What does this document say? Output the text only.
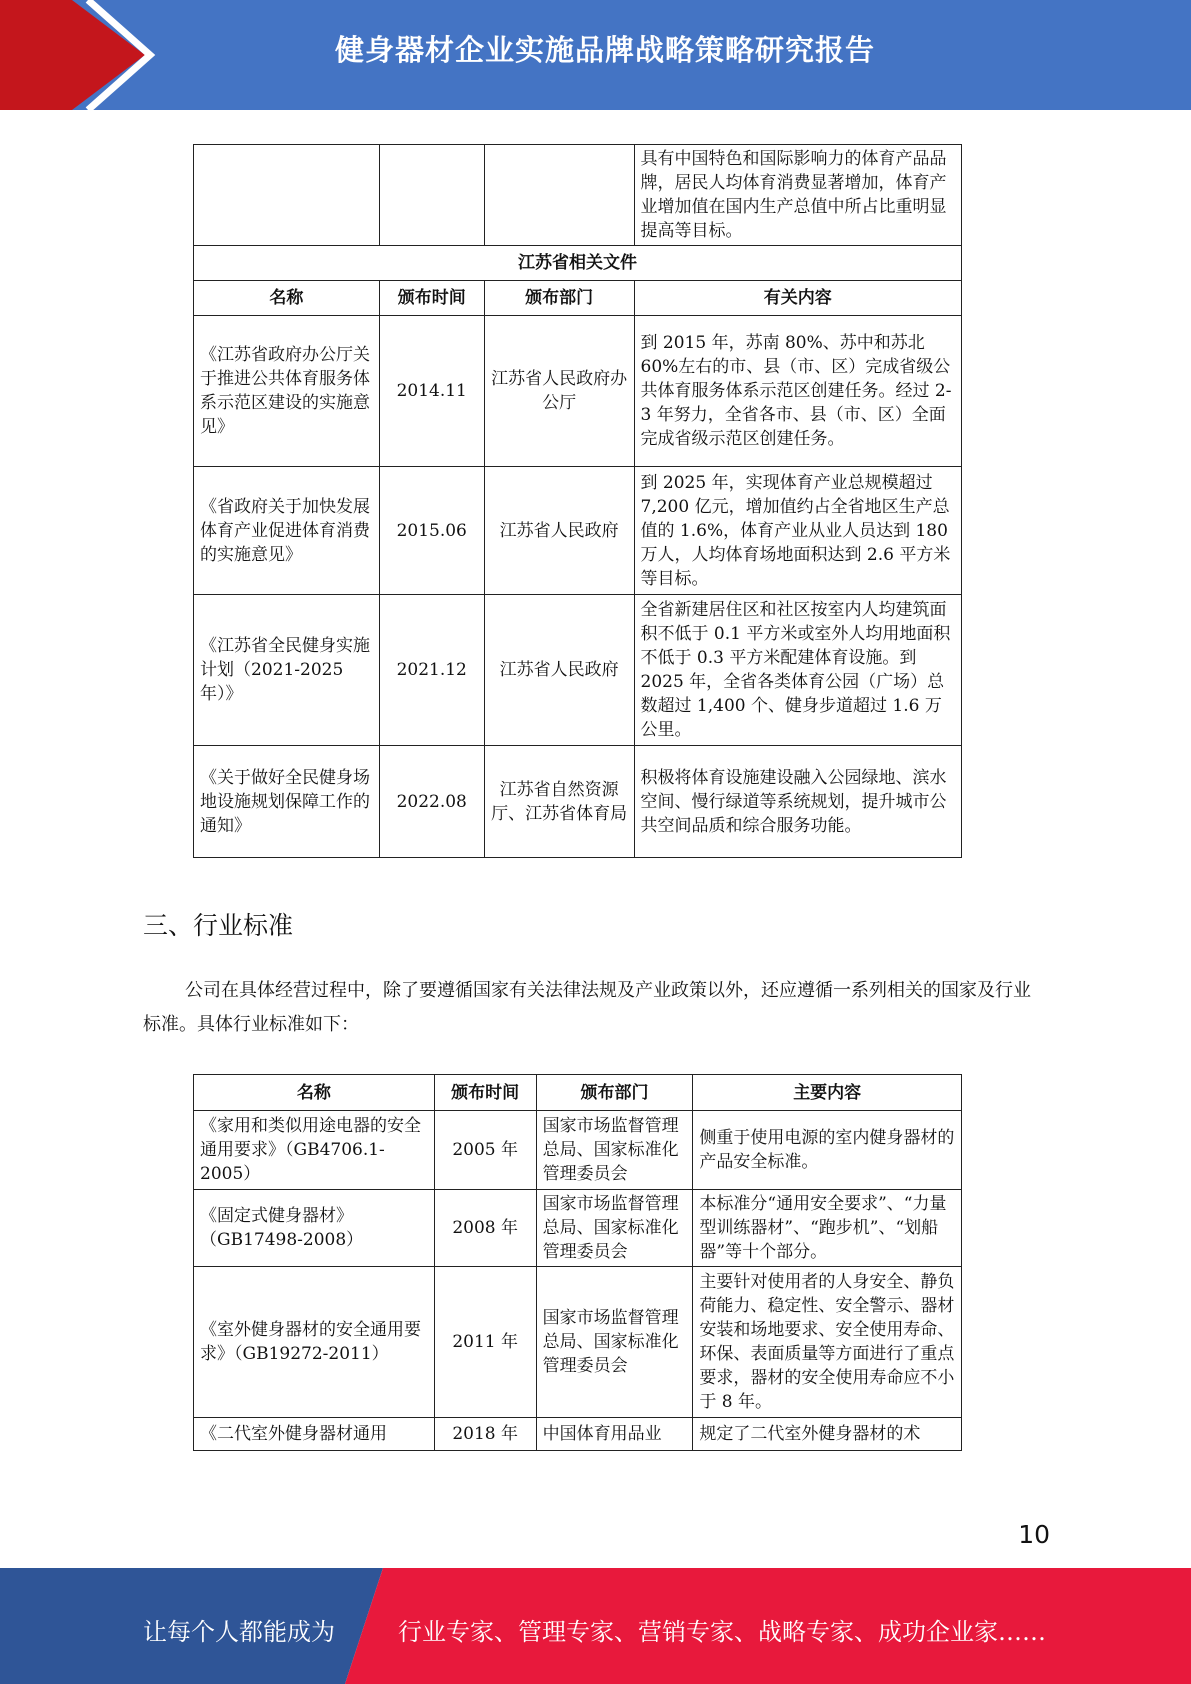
健身器材企业实施品牌战略策略研究报告
			具有中国特色和国际影响力的体育产品品牌，居民人均体育消费显著增加，体育产业增加值在国内生产总值中所占比重明显提高等目标。
江苏省相关文件			
名称	颁布时间	颁布部门	有关内容
《江苏省政府办公厅关于推进公共体育服务体系示范区建设的实施意见》	2014.11	江苏省人民政府办公厅	到 2015 年，苏南 80%、苏中和苏北 60%左右的市、县（市、区）完成省级公共体育服务体系示范区创建任务。经过 2-3 年努力，全省各市、县（市、区）全面完成省级示范区创建任务。
《省政府关于加快发展体育产业促进体育消费的实施意见》	2015.06	江苏省人民政府	到 2025 年，实现体育产业总规模超过 7,200 亿元，增加值约占全省地区生产总值的 1.6%，体育产业从业人员达到 180 万人，人均体育场地面积达到 2.6 平方米等目标。
《江苏省全民健身实施计划（2021-2025 年）》	2021.12	江苏省人民政府	全省新建居住区和社区按室内人均建筑面积不低于 0.1 平方米或室外人均用地面积不低于 0.3 平方米配建体育设施。到 2025 年，全省各类体育公园（广场）总数超过 1,400 个、健身步道超过 1.6 万公里。
《关于做好全民健身场地设施规划保障工作的通知》	2022.08	江苏省自然资源厅、江苏省体育局	积极将体育设施建设融入公园绿地、滨水空间、慢行绿道等系统规划，提升城市公共空间品质和综合服务功能。
三、行业标准
公司在具体经营过程中，除了要遵循国家有关法律法规及产业政策以外，还应遵循一系列相关的国家及行业标准。具体行业标准如下：
名称	颁布时间	颁布部门	主要内容
《家用和类似用途电器的安全通用要求》（GB4706.1-2005）	2005 年	国家市场监督管理总局、国家标准化管理委员会	侧重于使用电源的室内健身器材的产品安全标准。
《固定式健身器材》（GB17498-2008）	2008 年	国家市场监督管理总局、国家标准化管理委员会	本标准分“通用安全要求”、“力量型训练器材”、“跑步机”、“划船器”等十个部分。
《室外健身器材的安全通用要求》（GB19272-2011）	2011 年	国家市场监督管理总局、国家标准化管理委员会	主要针对使用者的人身安全、静负荷能力、稳定性、安全警示、器材安装和场地要求、安全使用寿命、环保、表面质量等方面进行了重点要求，器材的安全使用寿命应不小于 8 年。
《二代室外健身器材通用	2018 年	中国体育用品业	规定了二代室外健身器材的术
10
让每个人都能成为	行业专家、管理专家、营销专家、战略专家、成功企业家……
